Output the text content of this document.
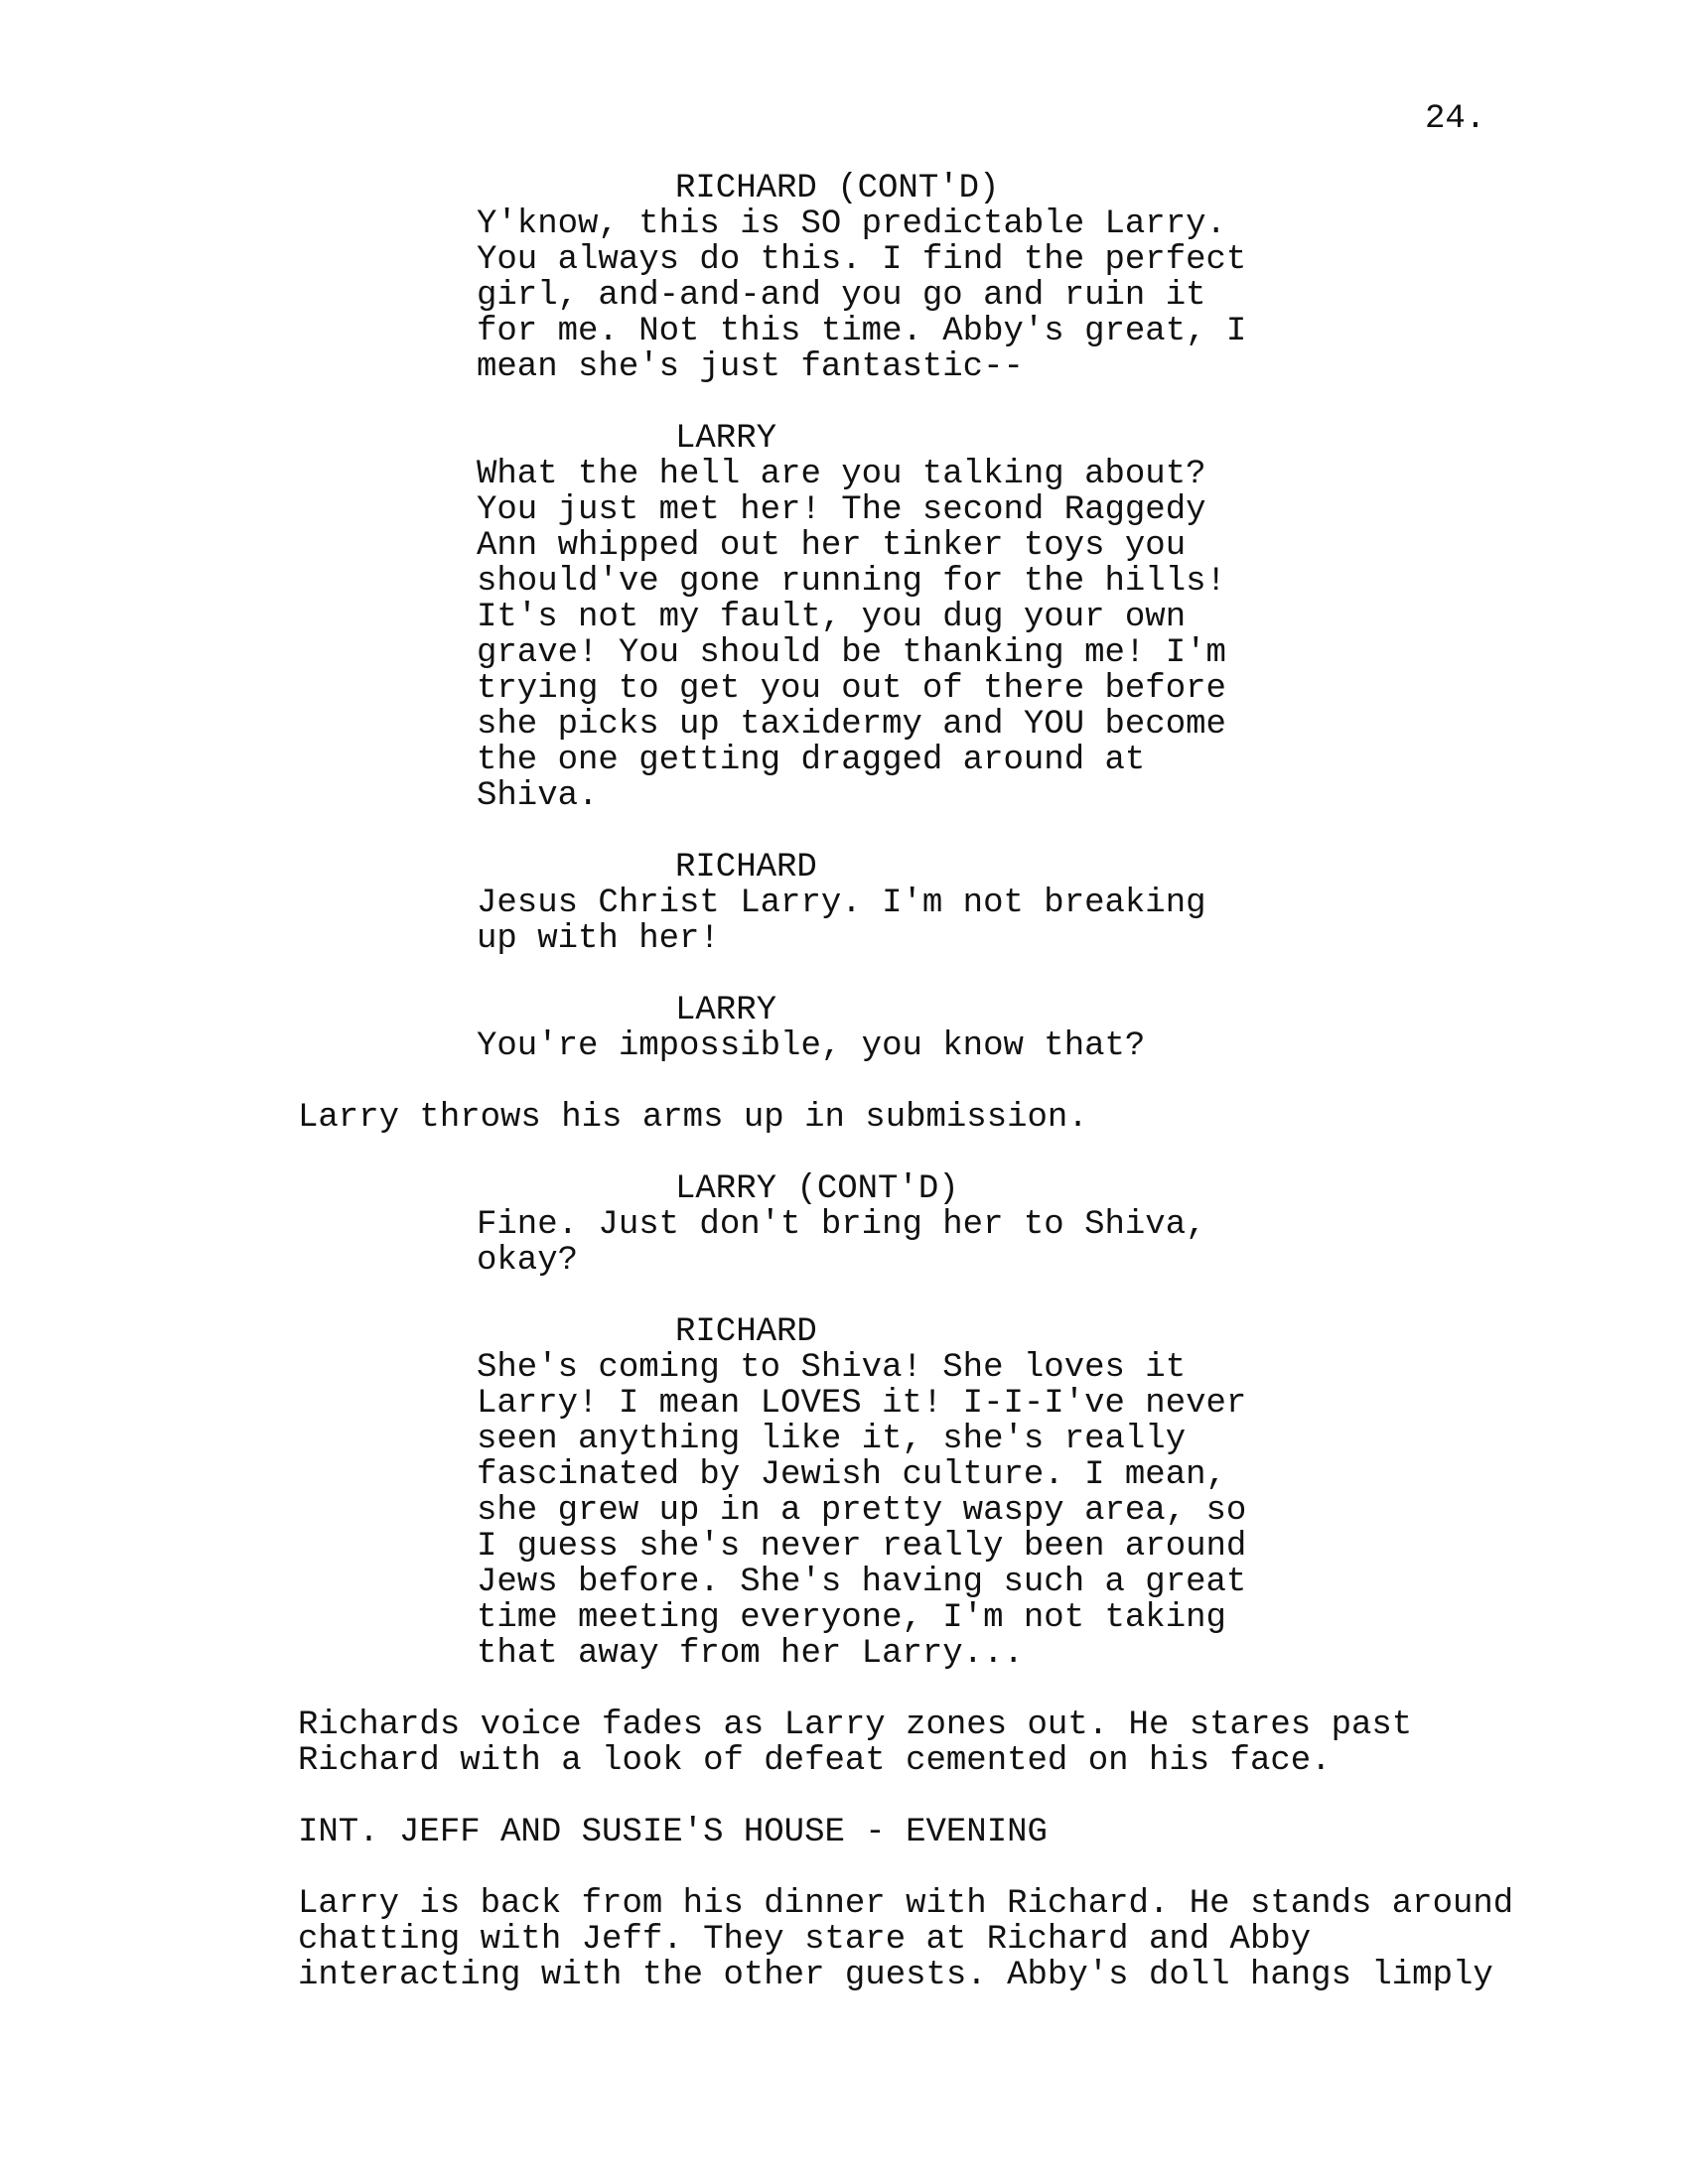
24.
RICHARD (CONT'D)
Y'know, this is SO predictable Larry.
You always do this. I find the perfect
girl, and-and-and you go and ruin it
for me. Not this time. Abby's great, I
mean she's just fantastic--
LARRY
What the hell are you talking about?
You just met her! The second Raggedy
Ann whipped out her tinker toys you
should've gone running for the hills!
It's not my fault, you dug your own
grave! You should be thanking me! I'm
trying to get you out of there before
she picks up taxidermy and YOU become
the one getting dragged around at
Shiva.
RICHARD
Jesus Christ Larry. I'm not breaking
up with her!
LARRY
You're impossible, you know that?
Larry throws his arms up in submission.
LARRY (CONT'D)
Fine. Just don't bring her to Shiva,
okay?
RICHARD
She's coming to Shiva! She loves it
Larry! I mean LOVES it! I-I-I've never
seen anything like it, she's really
fascinated by Jewish culture. I mean,
she grew up in a pretty waspy area, so
I guess she's never really been around
Jews before. She's having such a great
time meeting everyone, I'm not taking
that away from her Larry...
Richards voice fades as Larry zones out. He stares past
Richard with a look of defeat cemented on his face.
INT. JEFF AND SUSIE'S HOUSE - EVENING
Larry is back from his dinner with Richard. He stands around
chatting with Jeff. They stare at Richard and Abby
interacting with the other guests. Abby's doll hangs limply
